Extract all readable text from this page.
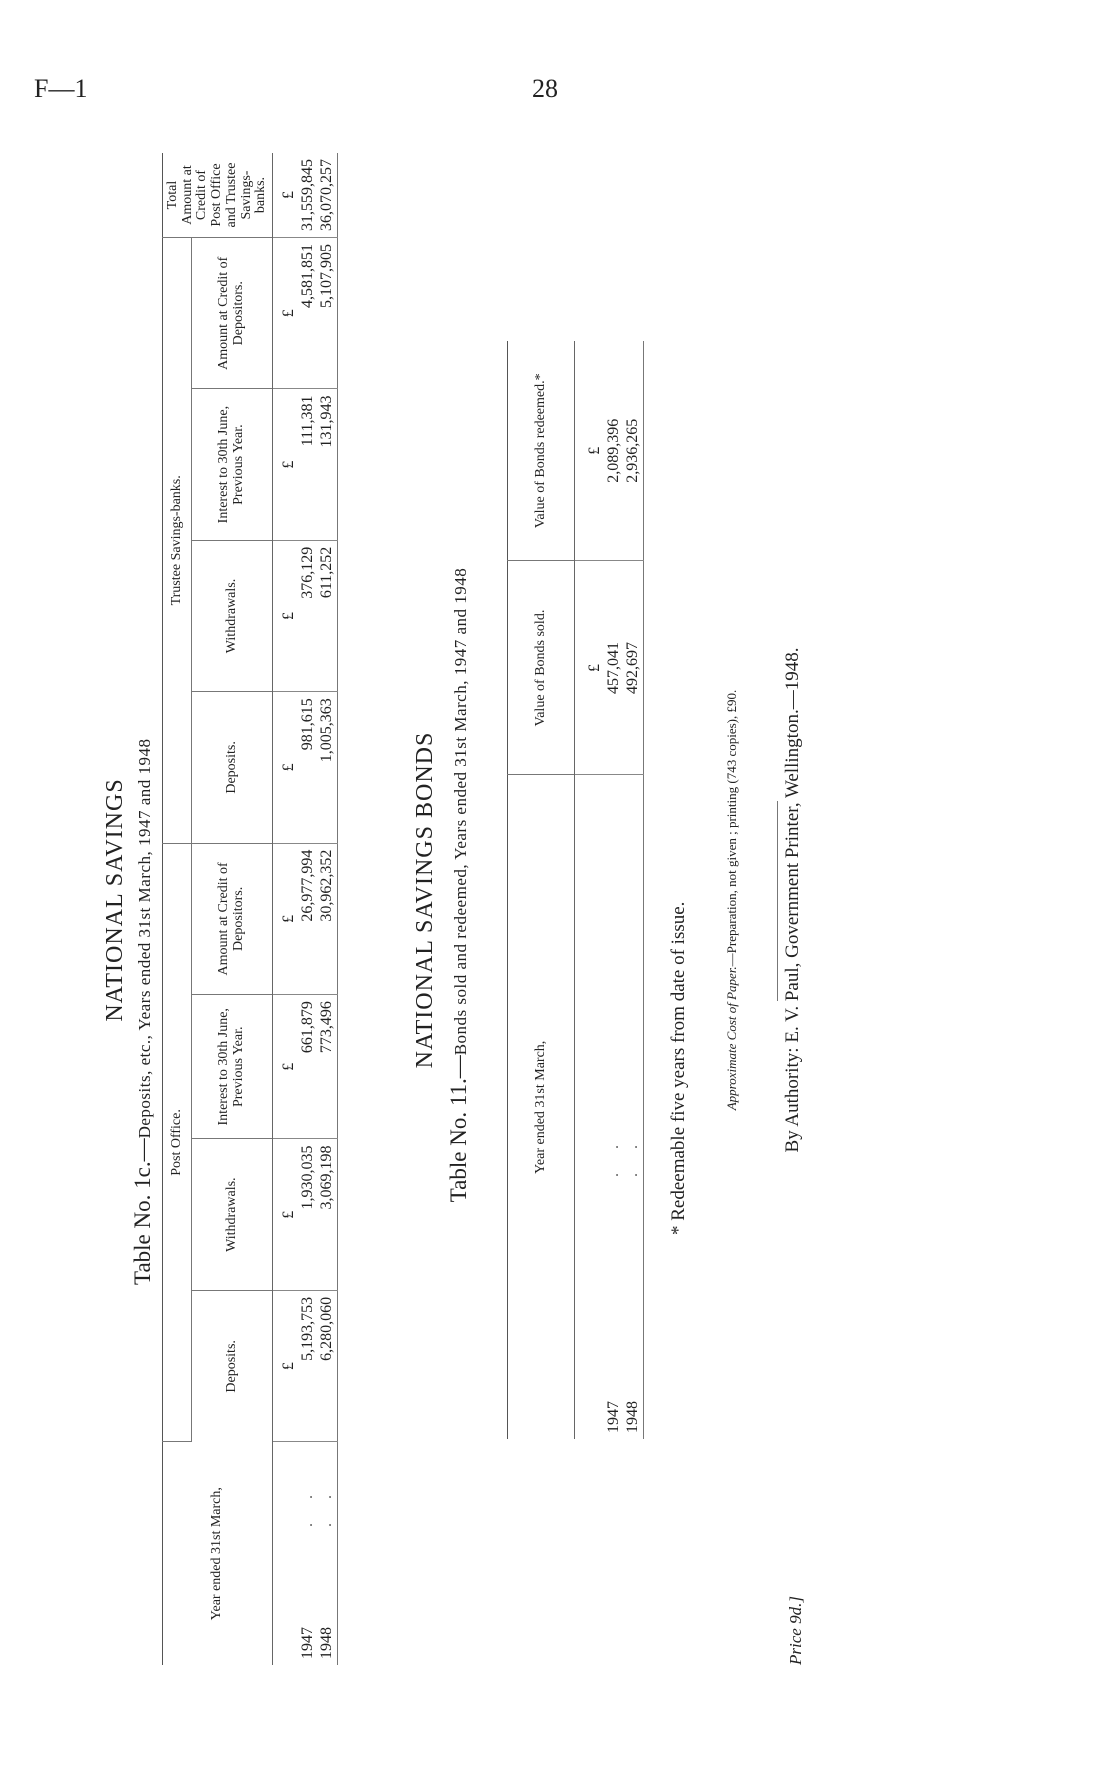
F—1	28
NATIONAL SAVINGS
Table No. 1c.—Deposits, etc., Years ended 31st March, 1947 and 1948
Year ended 31st March,	Post Office.				Trustee Savings-banks.				Total Amount at Credit of Post Office and Trustee Savings-banks.
	Deposits.	Withdrawals.	Interest to 30th June, Previous Year.	Amount at Credit of Depositors.	Deposits.	Withdrawals.	Interest to 30th June, Previous Year.	Amount at Credit of Depositors.	
	£	£	£	£	£	£	£	£	£
1947 . .	5,193,753	1,930,035	661,879	26,977,994	981,615	376,129	111,381	4,581,851	31,559,845
1948 . .	6,280,060	3,069,198	773,496	30,962,352	1,005,363	611,252	131,943	5,107,905	36,070,257
NATIONAL SAVINGS BONDS
Table No. 11.—Bonds sold and redeemed, Years ended 31st March, 1947 and 1948
Year ended 31st March,	Value of Bonds sold.	Value of Bonds redeemed.*
	£	£
1947 . .	457,041	2,089,396
1948 . .	492,697	2,936,265
* Redeemable five years from date of issue.	Approximate Cost of Paper.—Preparation, not given ; printing (743 copies), £90.
Price 9d.]
By Authority: E. V. Paul, Government Printer, Wellington.—1948.
